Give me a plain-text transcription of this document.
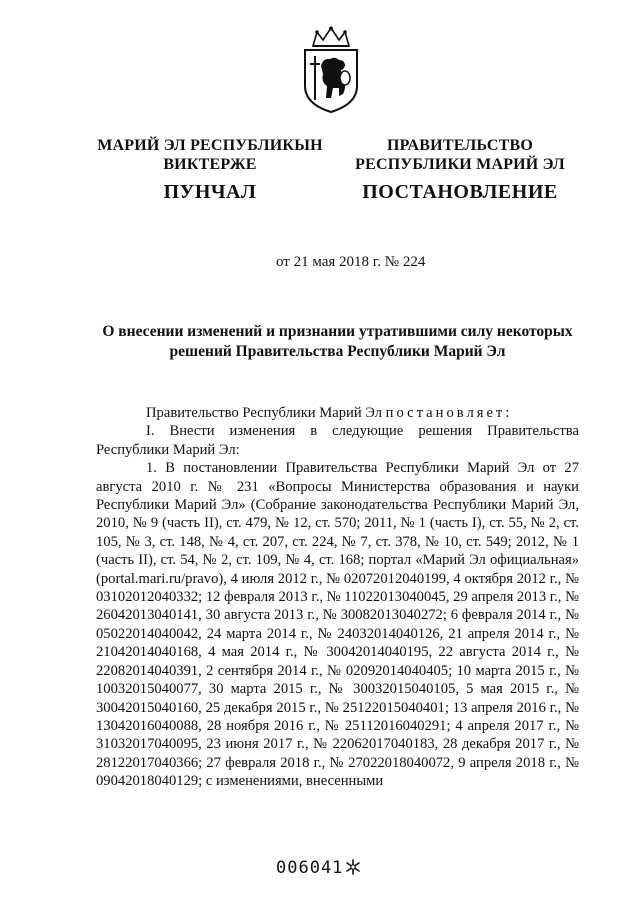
МАРИЙ ЭЛ РЕСПУБЛИКЫН
ВИКТЕРЖЕ
ПУНЧАЛ
ПРАВИТЕЛЬСТВО
РЕСПУБЛИКИ МАРИЙ ЭЛ
ПОСТАНОВЛЕНИЕ
от 21 мая 2018 г. № 224
О внесении изменений и признании утратившими силу некоторых решений Правительства Республики Марий Эл

Правительство Республики Марий Эл постановляет:

I. Внести изменения в следующие решения Правительства Республики Марий Эл:

1. В постановлении Правительства Республики Марий Эл от 27 августа 2010 г. № 231 «Вопросы Министерства образования и науки Республики Марий Эл» (Собрание законодательства Республики Марий Эл, 2010, № 9 (часть II), ст. 479, № 12, ст. 570; 2011, № 1 (часть I), ст. 55, № 2, ст. 105, № 3, ст. 148, № 4, ст. 207, ст. 224, № 7, ст. 378, № 10, ст. 549; 2012, № 1 (часть II), ст. 54, № 2, ст. 109, № 4, ст. 168; портал «Марий Эл официальная» (portal.mari.ru/pravo), 4 июля 2012 г., № 02072012040199, 4 октября 2012 г., № 03102012040332; 12 февраля 2013 г., № 11022013040045, 29 апреля 2013 г., № 26042013040141, 30 августа 2013 г., № 30082013040272; 6 февраля 2014 г., № 05022014040042, 24 марта 2014 г., № 24032014040126, 21 апреля 2014 г., № 21042014040168, 4 мая 2014 г., № 30042014040195, 22 августа 2014 г., № 22082014040391, 2 сентября 2014 г., № 02092014040405; 10 марта 2015 г., № 10032015040077, 30 марта 2015 г., № 30032015040105, 5 мая 2015 г., № 30042015040160, 25 декабря 2015 г., № 25122015040401; 13 апреля 2016 г., № 13042016040088, 28 ноября 2016 г., № 25112016040291; 4 апреля 2017 г., № 31032017040095, 23 июня 2017 г., № 22062017040183, 28 декабря 2017 г., № 28122017040366; 27 февраля 2018 г., № 27022018040072, 9 апреля 2018 г., № 09042018040129; с изменениями, внесенными

006041
